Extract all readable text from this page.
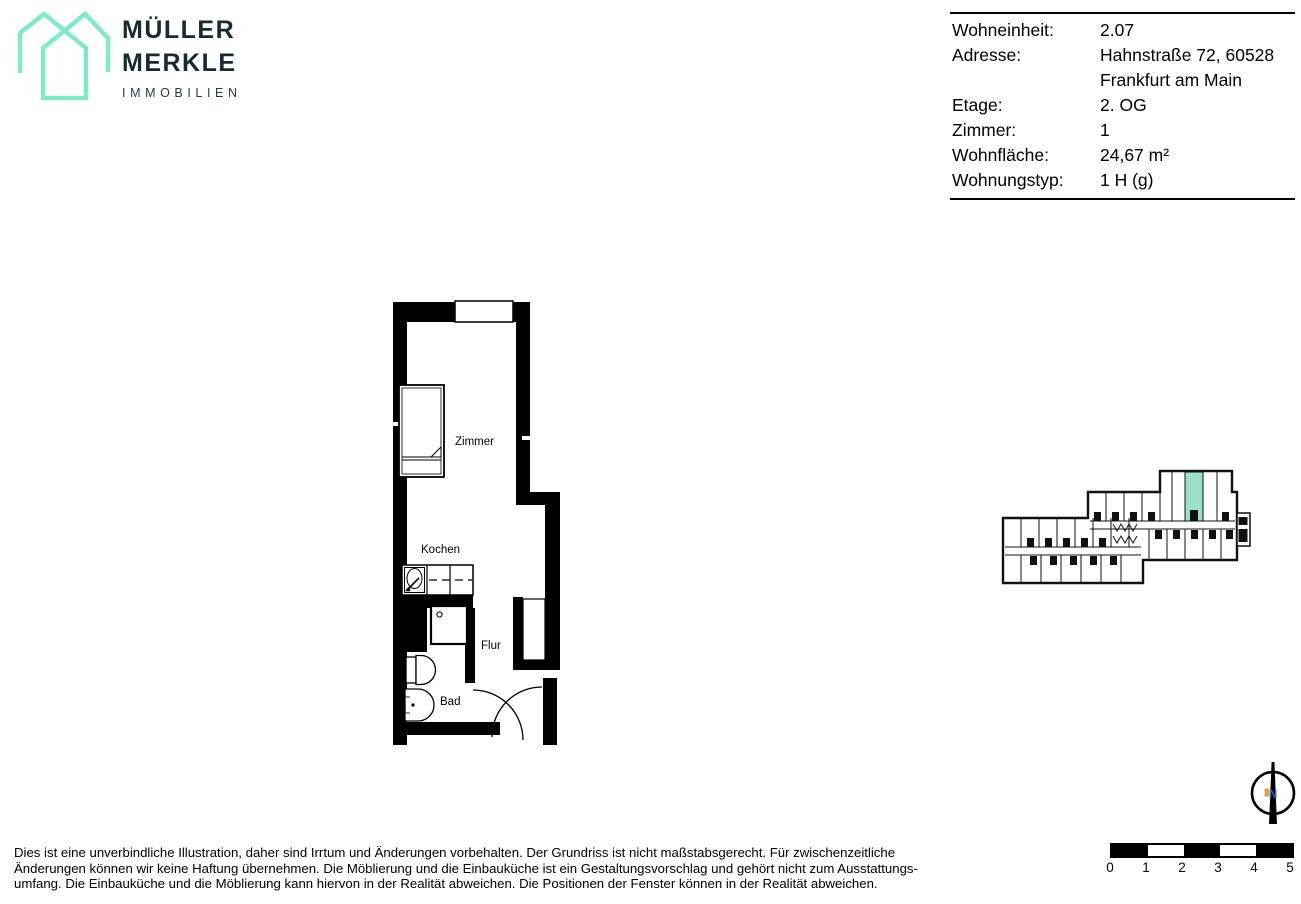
MÜLLER
MERKLE
IMMOBILIEN
Wohneinheit:	2.07
Adresse:	Hahnstraße 72, 60528
Frankfurt am Main
Etage:	2. OG
Zimmer:	1
Wohnfläche:	24,67 m²
Wohnungstyp:	1 H (g)
Zimmer
Kochen
Flur
Bad
N
0 1 2 3 4 5
Dies ist eine unverbindliche Illustration, daher sind Irrtum und Änderungen vorbehalten. Der Grundriss ist nicht maßstabsgerecht. Für zwischenzeitliche
Änderungen können wir keine Haftung übernehmen. Die Möblierung und die Einbauküche ist ein Gestaltungsvorschlag und gehört nicht zum Ausstattungs-
umfang. Die Einbauküche und die Möblierung kann hiervon in der Realität abweichen. Die Positionen der Fenster können in der Realität abweichen.
